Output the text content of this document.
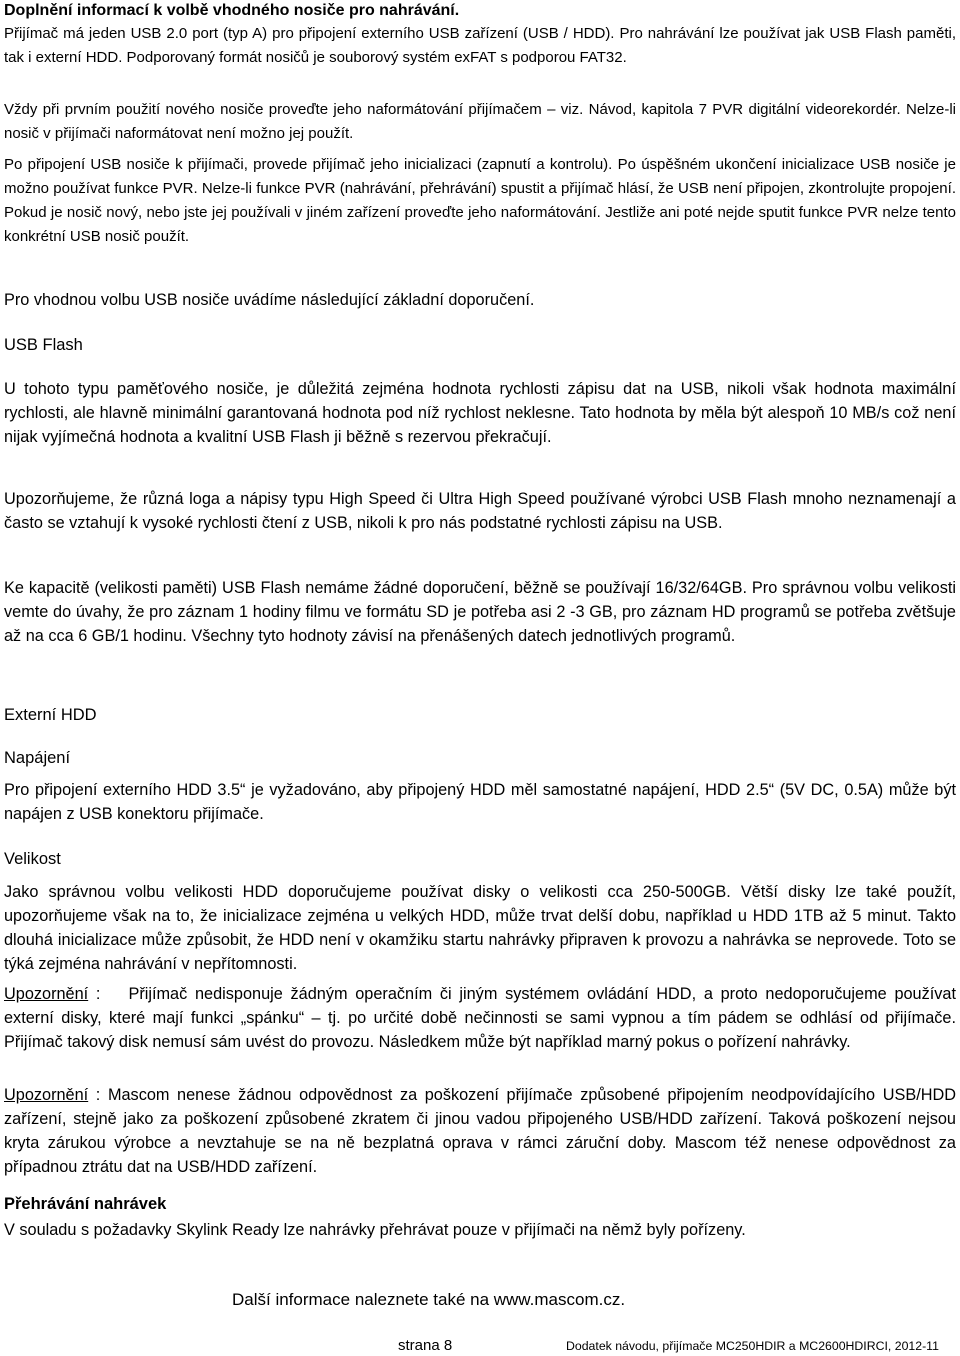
Doplnění informací k volbě vhodného nosiče pro nahrávání.
Přijímač má jeden USB 2.0 port (typ A) pro připojení externího USB zařízení (USB / HDD). Pro nahrávání lze používat jak USB Flash paměti, tak i externí HDD. Podporovaný formát nosičů je souborový systém exFAT s podporou FAT32.
Vždy při prvním použití nového nosiče proveďte jeho naformátování přijímačem – viz. Návod, kapitola 7 PVR digitální videorekordér. Nelze-li nosič v přijímači naformátovat není možno jej použít.
Po připojení USB nosiče k přijímači, provede přijímač jeho inicializaci (zapnutí a kontrolu). Po úspěšném ukončení inicializace USB nosiče je možno používat funkce PVR. Nelze-li funkce PVR (nahrávání, přehrávání) spustit a přijímač hlásí, že USB není připojen, zkontrolujte propojení. Pokud je nosič nový, nebo jste jej používali v jiném zařízení proveďte jeho naformátování. Jestliže ani poté nejde sputit funkce PVR nelze tento konkrétní USB nosič použít.
Pro vhodnou volbu USB nosiče uvádíme následující základní doporučení.
USB Flash
U tohoto typu paměťového nosiče, je důležitá zejména hodnota rychlosti zápisu dat na USB, nikoli však hodnota maximální rychlosti, ale hlavně minimální garantovaná hodnota pod níž rychlost neklesne. Tato hodnota by měla být alespoň 10 MB/s což není nijak vyjímečná hodnota a kvalitní USB Flash ji běžně s rezervou překračují.
Upozorňujeme, že různá loga a nápisy typu High Speed či Ultra High Speed používané výrobci USB Flash mnoho neznamenají a často se vztahují k vysoké rychlosti čtení z USB, nikoli k pro nás podstatné rychlosti zápisu na USB.
Ke kapacitě (velikosti paměti) USB Flash nemáme žádné doporučení, běžně se používají 16/32/64GB. Pro správnou volbu velikosti vemte do úvahy, že pro záznam 1 hodiny filmu ve formátu SD je potřeba asi 2 -3 GB, pro záznam HD programů se potřeba zvětšuje až na cca 6 GB/1 hodinu. Všechny tyto hodnoty závisí na přenášených datech jednotlivých programů.
Externí HDD
Napájení
Pro připojení externího HDD 3.5“ je vyžadováno, aby připojený HDD měl samostatné napájení, HDD 2.5“ (5V DC, 0.5A) může být napájen z USB konektoru přijímače.
Velikost
Jako správnou volbu velikosti HDD doporučujeme používat disky o velikosti cca 250-500GB. Větší disky lze také použít, upozorňujeme však na to, že inicializace zejména u velkých HDD, může trvat delší dobu, například u HDD 1TB až 5 minut. Takto dlouhá inicializace může způsobit, že HDD není v okamžiku startu nahrávky připraven k provozu a nahrávka se neprovede. Toto se týká zejména nahrávání v nepřítomnosti.
Upozornění : Přijímač nedisponuje žádným operačním či jiným systémem ovládání HDD, a proto nedoporučujeme používat externí disky, které mají funkci „spánku“ – tj. po určité době nečinnosti se sami vypnou a tím pádem se odhlásí od přijímače. Přijímač takový disk nemusí sám uvést do provozu. Následkem může být například marný pokus o pořízení nahrávky.
Upozornění : Mascom nenese žádnou odpovědnost za poškození přijímače způsobené připojením neodpovídajícího USB/HDD zařízení, stejně jako za poškození způsobené zkratem či jinou vadou připojeného USB/HDD zařízení. Taková poškození nejsou kryta zárukou výrobce a nevztahuje se na ně bezplatná oprava v rámci záruční doby. Mascom též nenese odpovědnost za případnou ztrátu dat na USB/HDD zařízení.
Přehrávání nahrávek
V souladu s požadavky Skylink Ready lze nahrávky přehrávat pouze v přijímači na němž byly pořízeny.
Další informace naleznete také na www.mascom.cz.
strana 8	Dodatek návodu, přijímače MC250HDIR a MC2600HDIRCI, 2012-11
